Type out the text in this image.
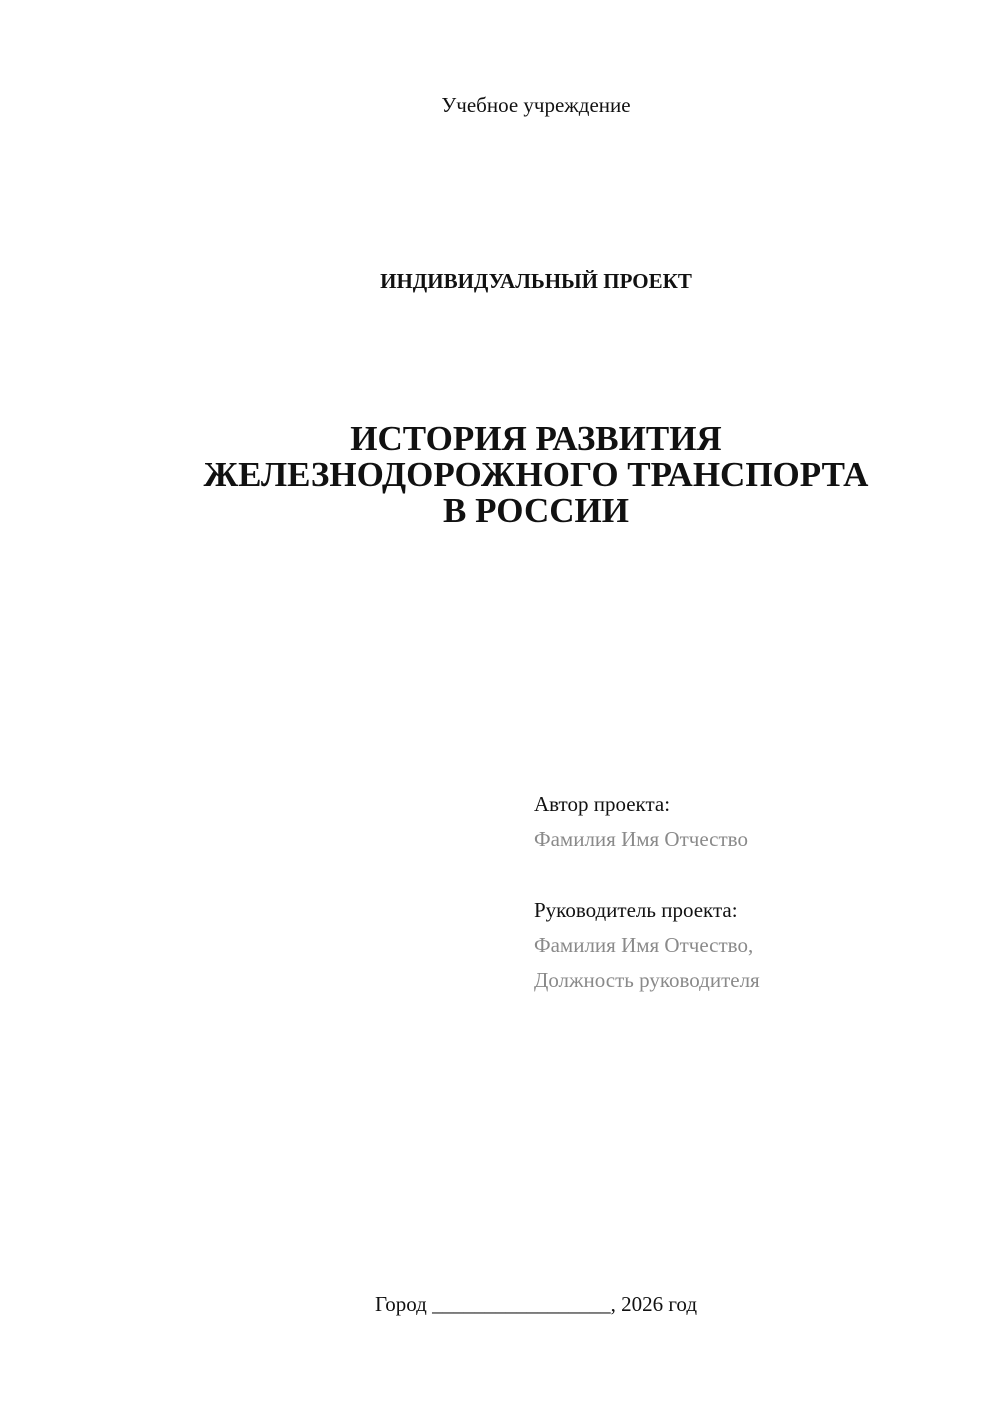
Учебное учреждение
ИНДИВИДУАЛЬНЫЙ ПРОЕКТ
ИСТОРИЯ РАЗВИТИЯ
ЖЕЛЕЗНОДОРОЖНОГО ТРАНСПОРТА
В РОССИИ
Автор проекта:
Фамилия Имя Отчество
Руководитель проекта:
Фамилия Имя Отчество,
Должность руководителя
Город _________________, 2026 год
